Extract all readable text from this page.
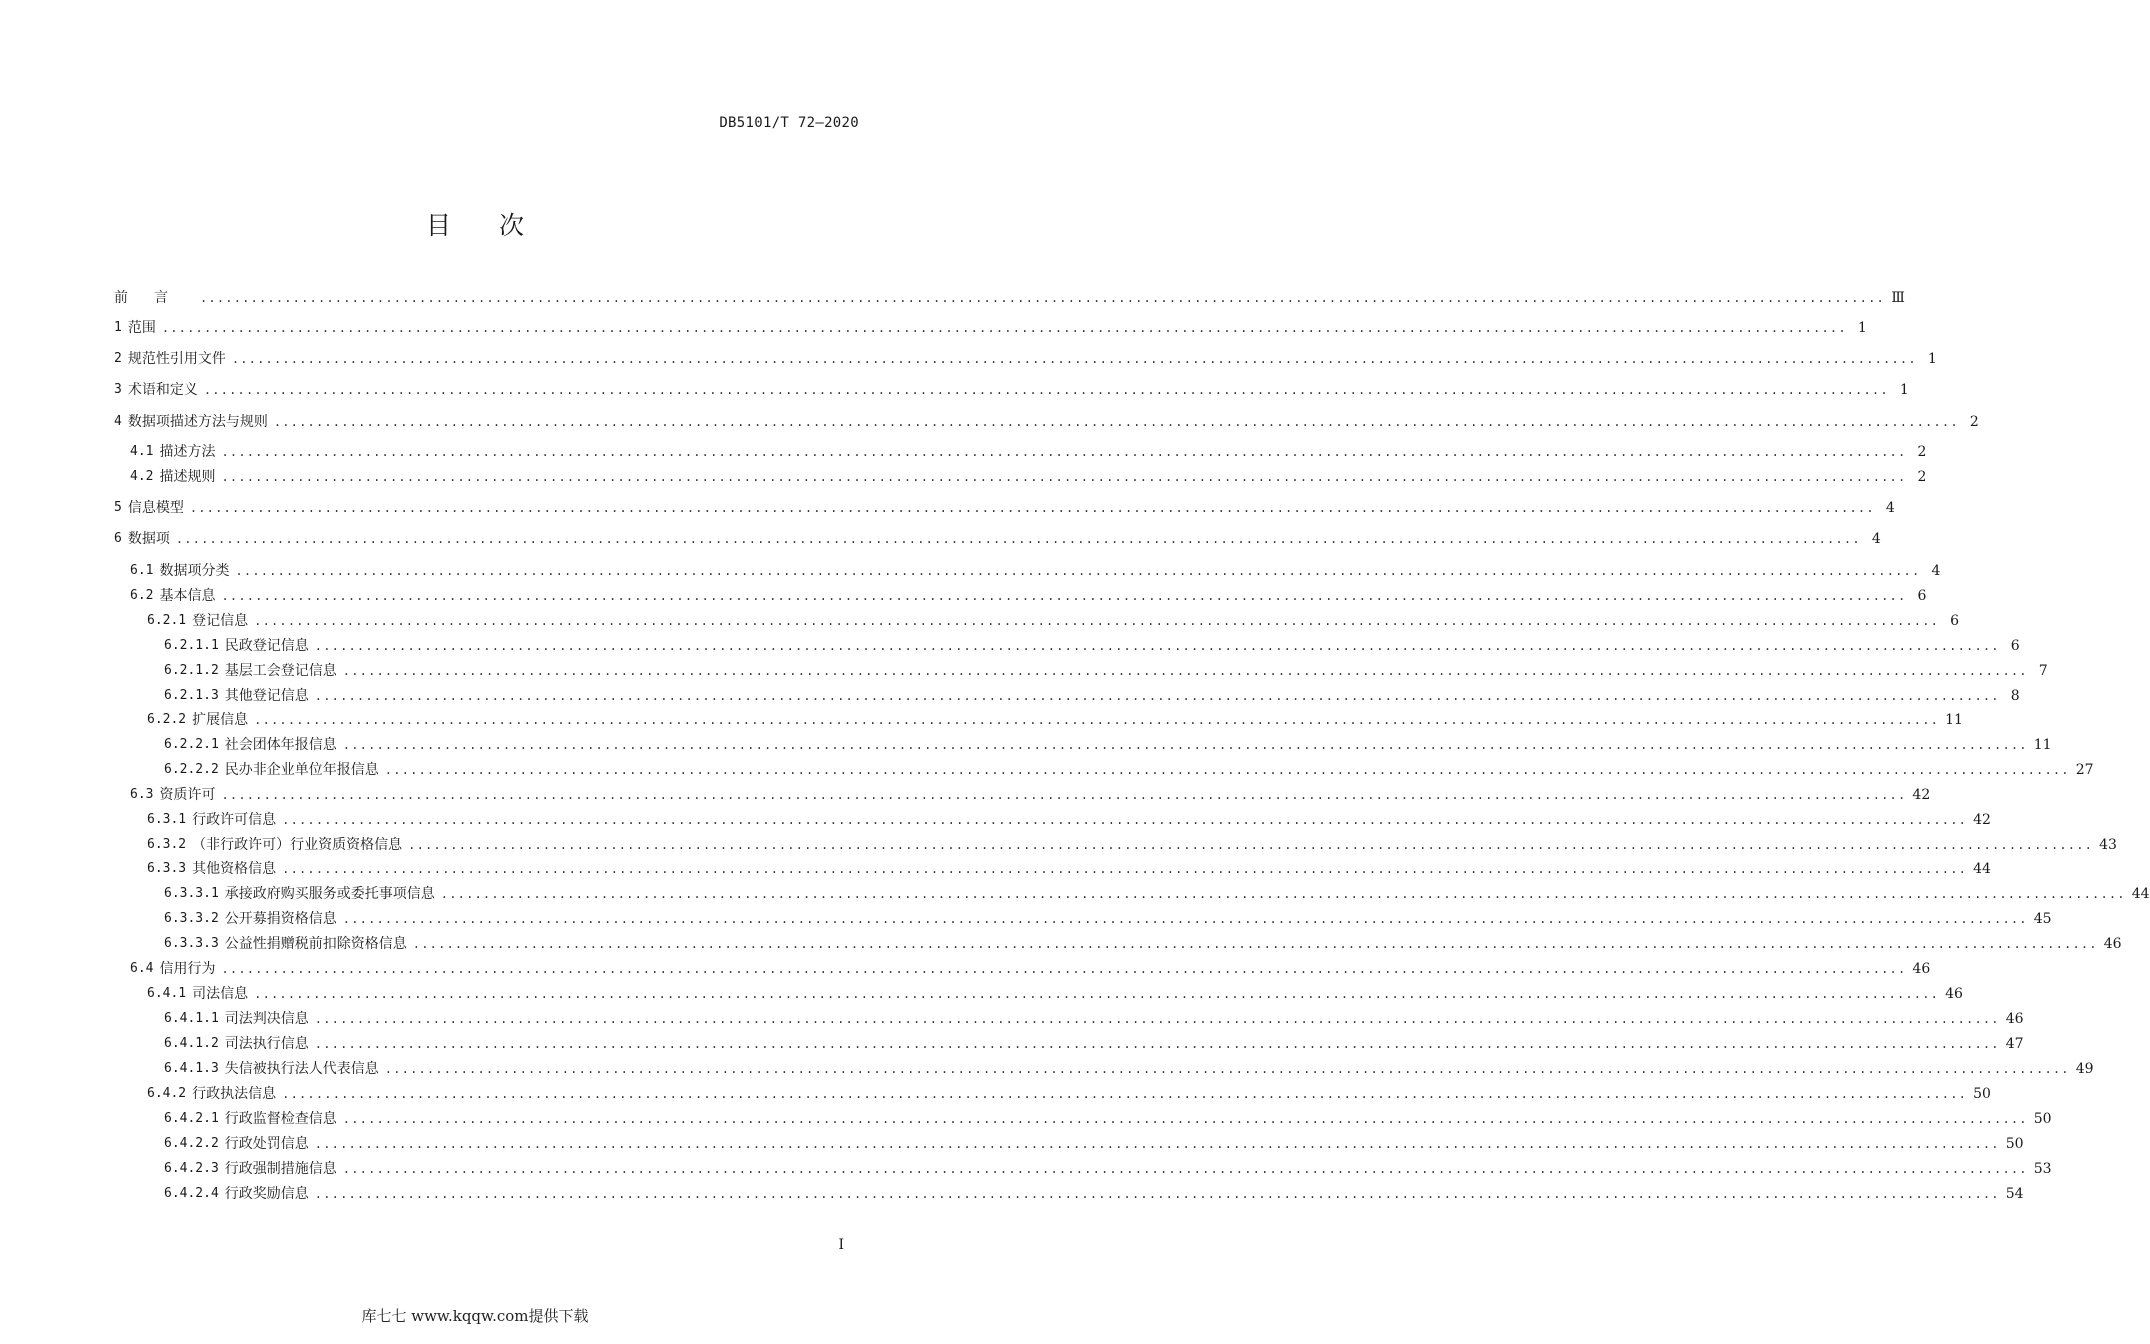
DB5101/T 72—2020
目 次
前言 ........................................................................................................................................................................................................ Ⅲ
1 范围 ........................................................................................................................................................................................................ 1
2 规范性引用文件 ........................................................................................................................................................................................................ 1
3 术语和定义 ........................................................................................................................................................................................................ 1
4 数据项描述方法与规则 ........................................................................................................................................................................................................ 2
4.1 描述方法 ........................................................................................................................................................................................................ 2
4.2 描述规则 ........................................................................................................................................................................................................ 2
5 信息模型 ........................................................................................................................................................................................................ 4
6 数据项 ........................................................................................................................................................................................................ 4
6.1 数据项分类 ........................................................................................................................................................................................................ 4
6.2 基本信息 ........................................................................................................................................................................................................ 6
6.2.1 登记信息 ........................................................................................................................................................................................................ 6
6.2.1.1 民政登记信息 ........................................................................................................................................................................................................ 6
6.2.1.2 基层工会登记信息 ........................................................................................................................................................................................................ 7
6.2.1.3 其他登记信息 ........................................................................................................................................................................................................ 8
6.2.2 扩展信息 ........................................................................................................................................................................................................ 11
6.2.2.1 社会团体年报信息 ........................................................................................................................................................................................................ 11
6.2.2.2 民办非企业单位年报信息 ........................................................................................................................................................................................................ 27
6.3 资质许可 ........................................................................................................................................................................................................ 42
6.3.1 行政许可信息 ........................................................................................................................................................................................................ 42
6.3.2 （非行政许可）行业资质资格信息 ........................................................................................................................................................................................................ 43
6.3.3 其他资格信息 ........................................................................................................................................................................................................ 44
6.3.3.1 承接政府购买服务或委托事项信息 ........................................................................................................................................................................................................ 44
6.3.3.2 公开募捐资格信息 ........................................................................................................................................................................................................ 45
6.3.3.3 公益性捐赠税前扣除资格信息 ........................................................................................................................................................................................................ 46
6.4 信用行为 ........................................................................................................................................................................................................ 46
6.4.1 司法信息 ........................................................................................................................................................................................................ 46
6.4.1.1 司法判决信息 ........................................................................................................................................................................................................ 46
6.4.1.2 司法执行信息 ........................................................................................................................................................................................................ 47
6.4.1.3 失信被执行法人代表信息 ........................................................................................................................................................................................................ 49
6.4.2 行政执法信息 ........................................................................................................................................................................................................ 50
6.4.2.1 行政监督检查信息 ........................................................................................................................................................................................................ 50
6.4.2.2 行政处罚信息 ........................................................................................................................................................................................................ 50
6.4.2.3 行政强制措施信息 ........................................................................................................................................................................................................ 53
6.4.2.4 行政奖励信息 ........................................................................................................................................................................................................ 54
I
库七七 www.kqqw.com提供下载
